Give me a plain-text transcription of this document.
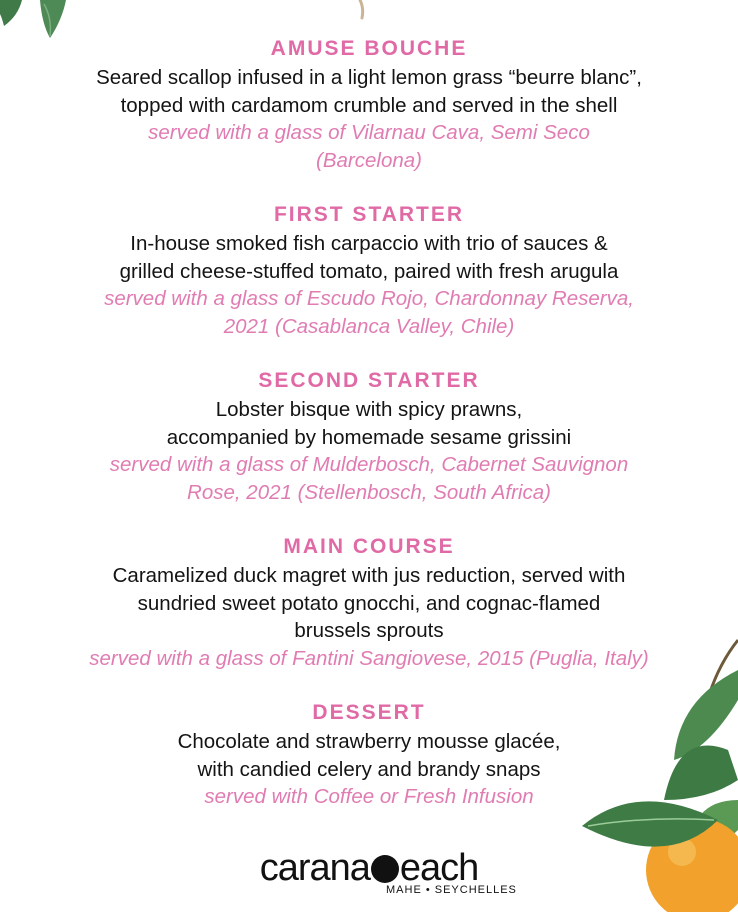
AMUSE BOUCHE
Seared scallop infused in a light lemon grass “beurre blanc”,
topped with cardamom crumble and served in the shell
served with a glass of Vilarnau Cava, Semi Seco
(Barcelona)
FIRST STARTER
In-house smoked fish carpaccio with trio of sauces &
grilled cheese-stuffed tomato, paired with fresh arugula
served with a glass of Escudo Rojo, Chardonnay Reserva,
2021 (Casablanca Valley, Chile)
SECOND STARTER
Lobster bisque with spicy prawns,
accompanied by homemade sesame grissini
served with a glass of Mulderbosch, Cabernet Sauvignon
Rose, 2021 (Stellenbosch, South Africa)
MAIN COURSE
Caramelized duck magret with jus reduction, served with
sundried sweet potato gnocchi, and cognac-flamed
brussels sprouts
served with a glass of Fantini Sangiovese, 2015 (Puglia, Italy)
DESSERT
Chocolate and strawberry mousse glacée,
with candied celery and brandy snaps
served with Coffee or Fresh Infusion
carana each
MAHE • SEYCHELLES
